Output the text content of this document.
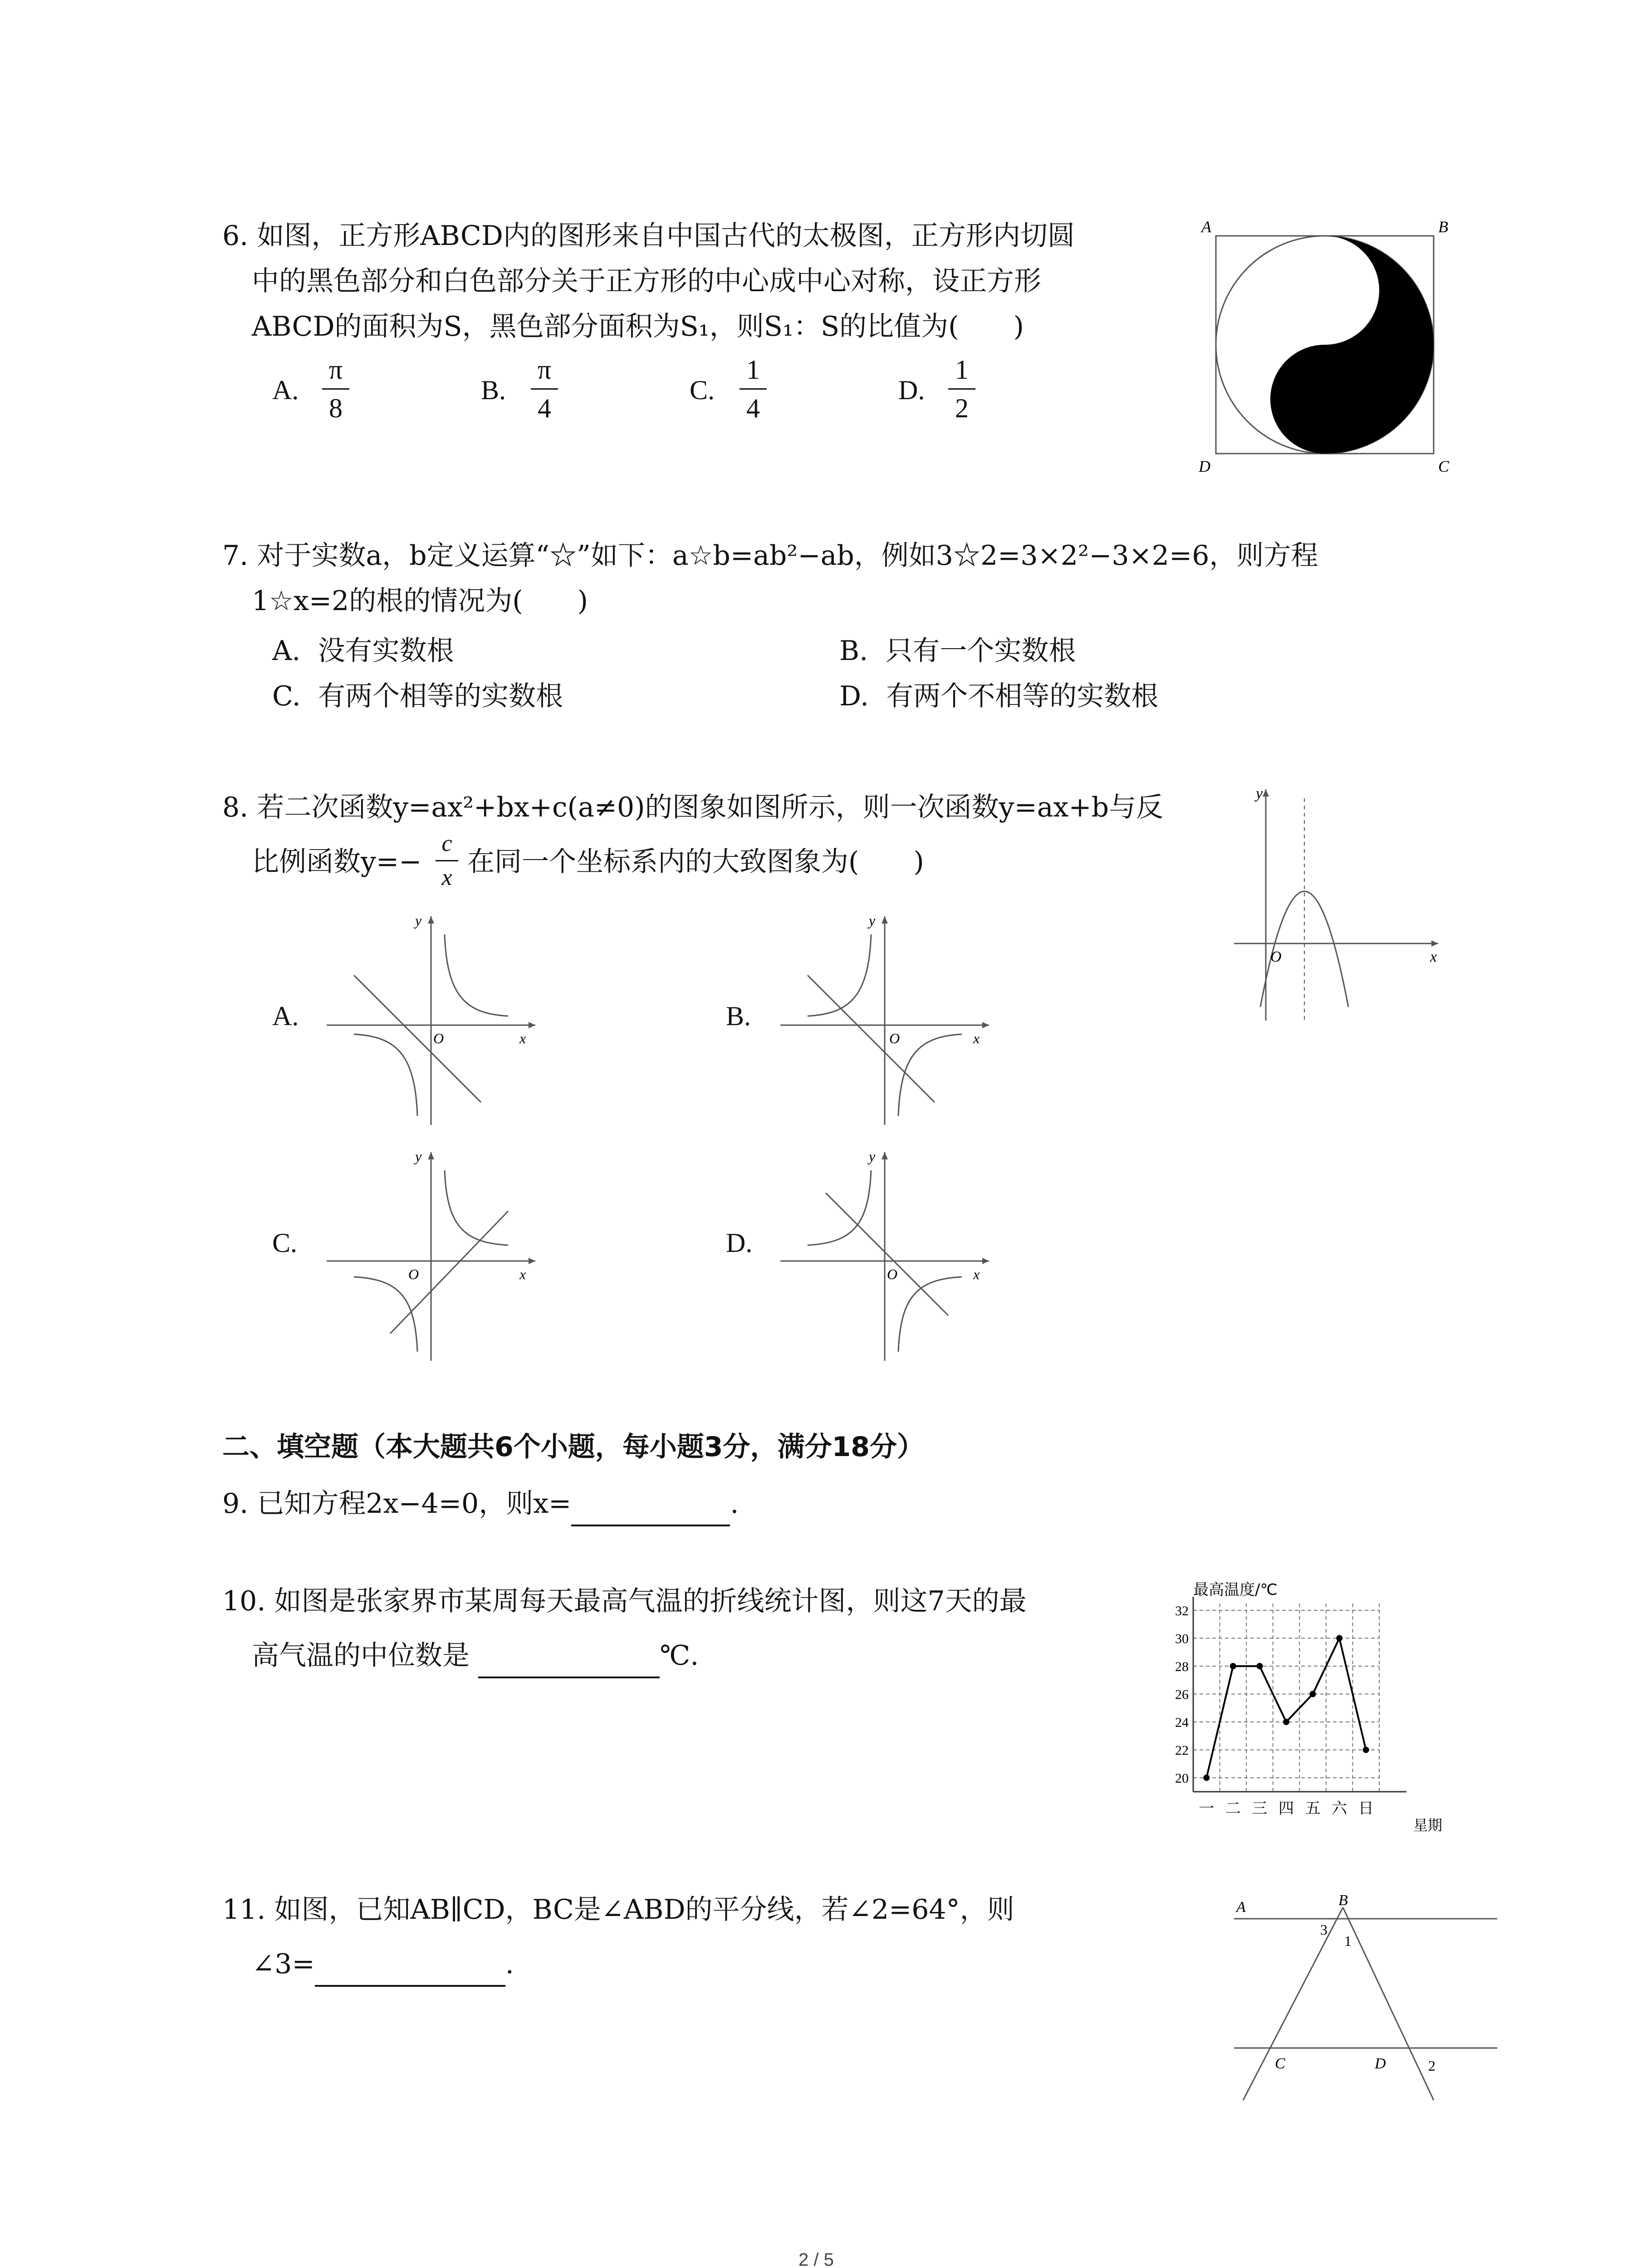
6. 如图，正方形ABCD内的图形来自中国古代的太极图，正方形内切圆
中的黑色部分和白色部分关于正方形的中心成中心对称，设正方形
ABCD的面积为S，黑色部分面积为S₁，则S₁：S的比值为(　　)
A.
π
8
B.
π
4
C.
1
4
D.
1
2
A	B
C
D
7. 对于实数a，b定义运算“☆”如下：a☆b=ab²−ab，例如3☆2=3×2²−3×2=6，则方程
1☆x=2的根的情况为(　　)
A. 没有实数根	B. 只有一个实数根
C. 有两个相等的实数根	D. 有两个不相等的实数根
8. 若二次函数y=ax²+bx+c(a≠0)的图象如图所示，则一次函数y=ax+b与反
比例函数y=−
c
x 在同一个坐标系内的大致图象为(　　)
y
x
O
A.
y
x
O
B.
y
x
O
C.
y
x
O
D.
y
x
O
二、填空题（本大题共6个小题，每小题3分，满分18分）
9. 已知方程2x−4=0，则x=	.
10. 如图是张家界市某周每天最高气温的折线统计图，则这7天的最
高气温的中位数是	℃.
最高温度/℃
20
22
24
26
28
30
32
一 二 三 四 五 六 日
星期
11. 如图，已知AB∥CD，BC是∠ABD的平分线，若∠2=64°，则
∠3=	.
A	B
C	D
1
2
3
2 / 5
